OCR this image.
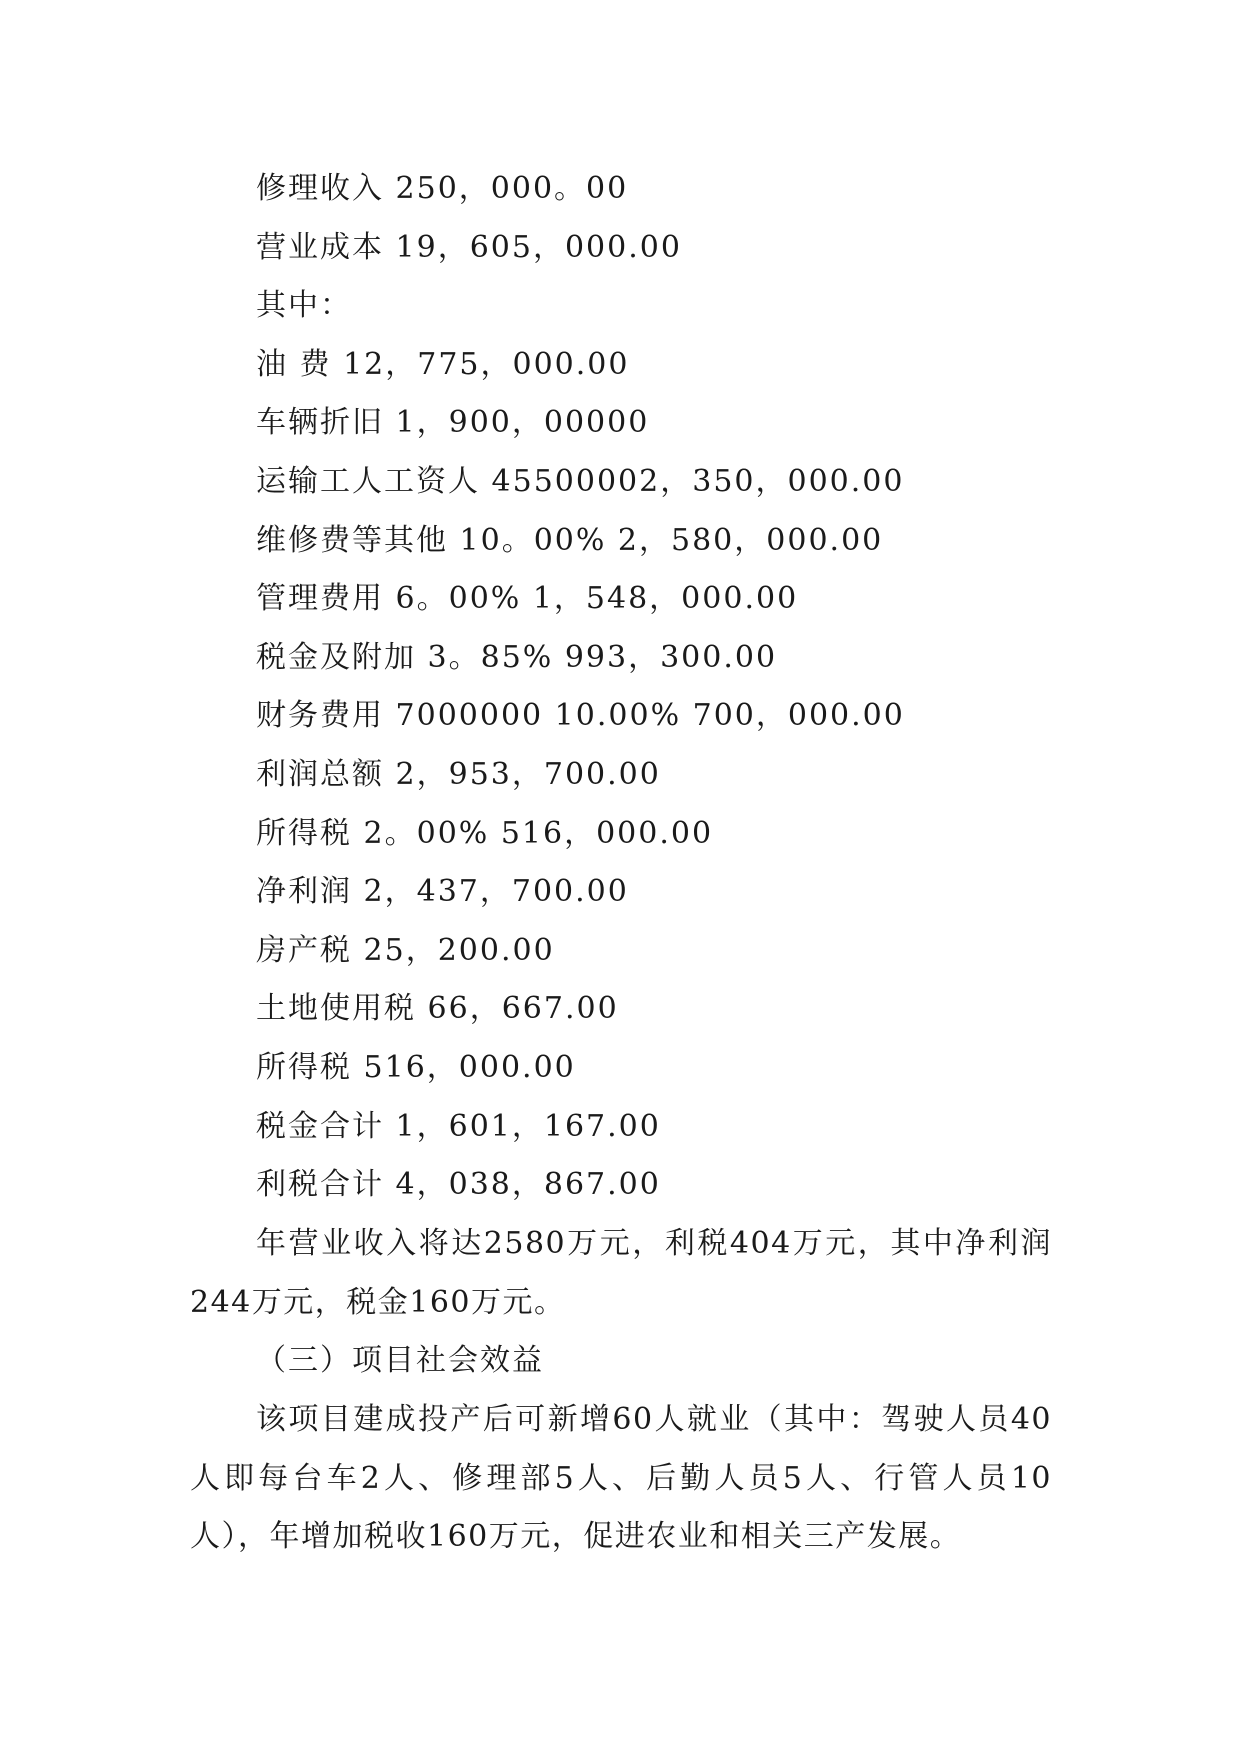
修理收入 250，000。00
营业成本 19，605，000.00
其中：
油 费 12，775，000.00
车辆折旧 1，900，00000
运输工人工资人 45500002，350，000.00
维修费等其他 10。00% 2，580，000.00
管理费用 6。00% 1，548，000.00
税金及附加 3。85% 993，300.00
财务费用 7000000 10.00% 700，000.00
利润总额 2，953，700.00
所得税 2。00% 516，000.00
净利润 2，437，700.00
房产税 25，200.00
土地使用税 66，667.00
所得税 516，000.00
税金合计 1，601，167.00
利税合计 4，038，867.00

年营业收入将达2580万元，利税404万元，其中净利润244万元，税金160万元。

（三）项目社会效益

该项目建成投产后可新增60人就业（其中：驾驶人员40人即每台车2人、修理部5人、后勤人员5人、行管人员10人），年增加税收160万元，促进农业和相关三产发展。
